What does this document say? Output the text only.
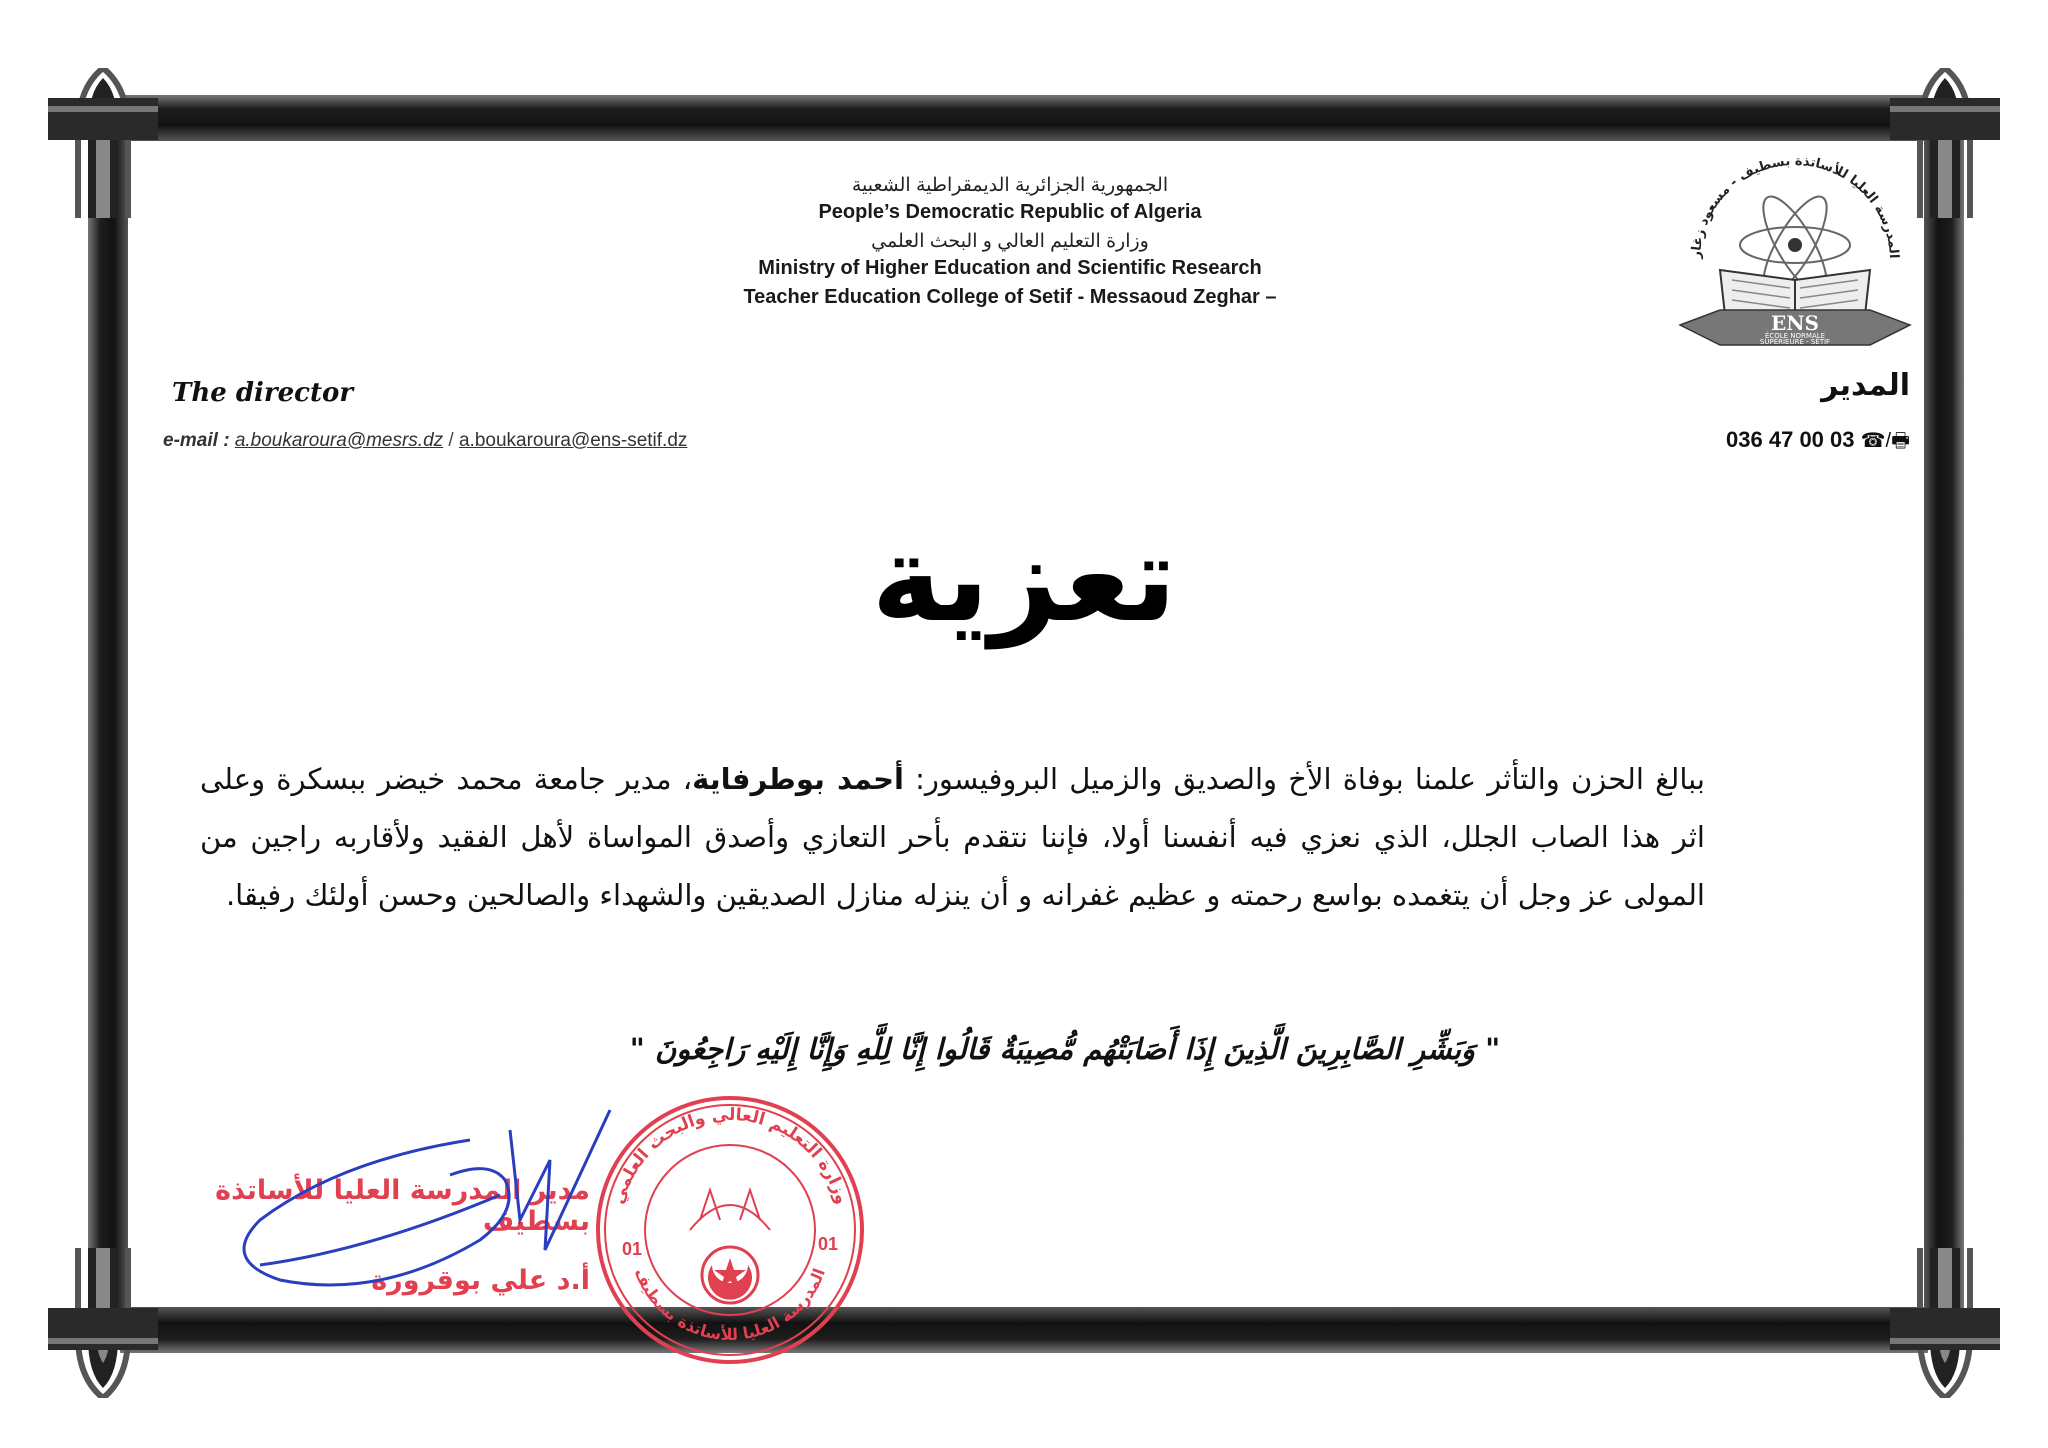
الجمهورية الجزائرية الديمقراطية الشعبية
People’s Democratic Republic of Algeria
وزارة التعليم العالي و البحث العلمي
Ministry of Higher Education and Scientific Research
Teacher Education College of Setif - Messaoud Zeghar –
المدرسة العليا للأساتذة بسطيف - مسعود زغار
ENS
ÉCOLE NORMALE
SUPÉRIEURE - SÉTIF
The director
e-mail : a.boukaroura@mesrs.dz / a.boukaroura@ens-setif.dz
المدير
036 47 00 03 ☎/🖶
تعزية
ببالغ الحزن والتأثر علمنا بوفاة الأخ والصديق والزميل البروفيسور: أحمد بوطرفاية، مدير جامعة محمد خيضر ببسكرة وعلى اثر هذا الصاب الجلل، الذي نعزي فيه أنفسنا أولا، فإننا نتقدم بأحر التعازي وأصدق المواساة لأهل الفقيد ولأقاربه راجين من المولى عز وجل أن يتغمده بواسع رحمته و عظيم غفرانه و أن ينزله منازل الصديقين والشهداء والصالحين وحسن أولئك رفيقا.
" وَبَشِّرِ الصَّابِرِينَ الَّذِينَ إِذَا أَصَابَتْهُم مُّصِيبَةٌ قَالُوا إِنَّا لِلَّهِ وَإِنَّا إِلَيْهِ رَاجِعُونَ "
مدير المدرسة العليا للأساتذة بسطيف
أ.د علي بوقرورة
وزارة التعليم العالي والبحث العلمي
المدرسة العليا للأساتذة بسطيف
01	01
